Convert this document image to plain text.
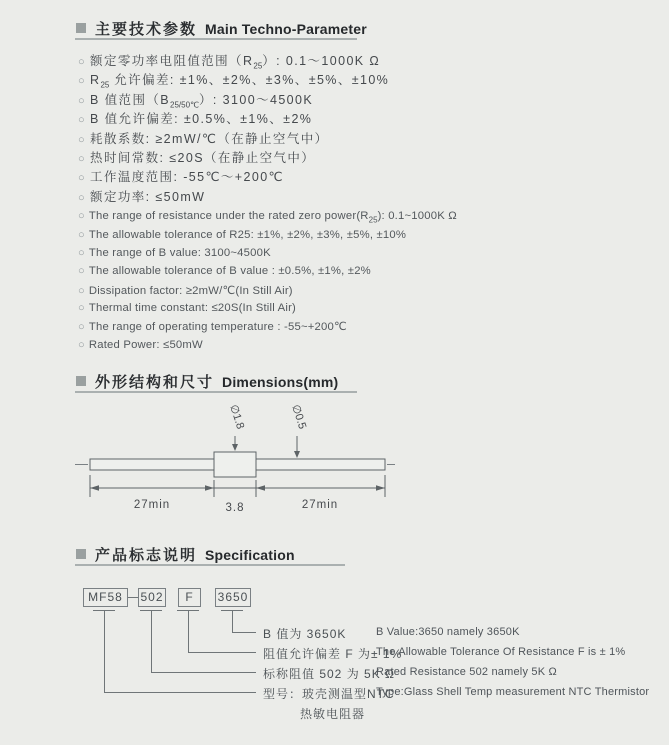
主要技术参数 Main Techno-Parameter
○ 额定零功率电阻值范围$(R_{25})$: 0.1～1000K Ω
○ $R_{25}$ 允许偏差: ±1%、±2%、±3%、±5%、±10%
○ B 值范围$(B_{25/50℃})$: 3100～4500K
○ B 值允许偏差: ±0.5%、±1%、±2%
○ 耗散系数: ≥2mW/℃（在静止空气中）
○ 热时间常数: ≤20S（在静止空气中）
○ 工作温度范围: -55℃～+200℃
○ 额定功率: ≤50mW
○ The range of resistance under the rated zero $power(R_{25})$: 0.1~1000K Ω
○ The allowable tolerance of R25: ±1%, ±2%, ±3%, ±5%, ±10%
○ The range of B value: 3100~4500K
○ The allowable tolerance of B value : ±0.5%, ±1%, ±2%
○ Dissipation factor: ≥2mW/℃(In Still Air)
○ Thermal time constant: ≤20S(In Still Air)
○ The range of operating temperature : -55~+200℃
○ Rated Power: ≤50mW
外形结构和尺寸 Dimensions(mm)
∅1.8	∅0.5
27min	3.8	27min
产品标志说明 Specification
MF58	502	F	3650
B 值为 3650K
阻值允许偏差 F 为± 1%
标称阻值 502 为 5K Ω
型号：玻壳测温型NTC
热敏电阻器
B Value:3650 namely 3650K
The Allowable Tolerance Of Resistance F is ± 1%
Rated Resistance 502 namely 5K Ω
Type:Glass Shell Temp measurement NTC Thermistor
